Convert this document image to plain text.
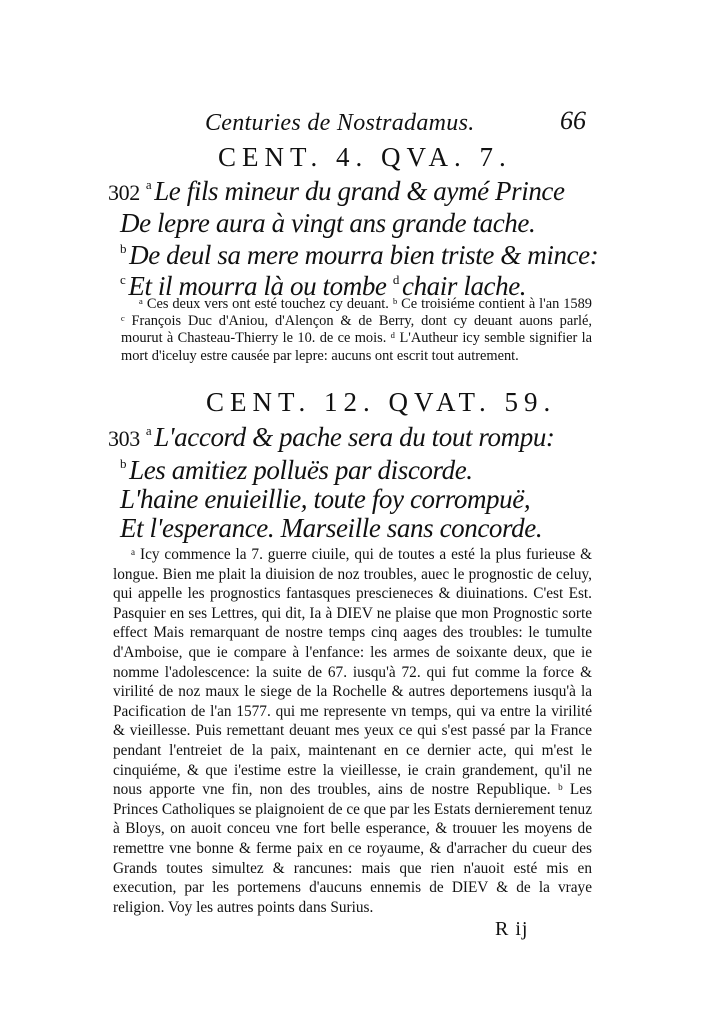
Centuries de Nostradamus.	66
CENT. 4. QVA. 7.
302 $^a$ Le fils mineur du grand & aymé Prince
De lepre aura à vingt ans grande tache.
$^b$ De deul sa mere mourra bien triste & mince:
$^c$ Et il mourra là ou tombe $^d$ chair lache.

ᵃ Ces deux vers ont esté touchez cy deuant. ᵇ Ce troisiéme contient à l'an 1589 ᶜ François Duc d'Aniou, d'Alençon & de Berry, dont cy deuant auons parlé, mourut à Chasteau-Thierry le 10. de ce mois. ᵈ L'Autheur icy semble signifier la mort d'iceluy estre causée par lepre: aucuns ont escrit tout autrement.

CENT. 12. QVAT. 59.
303 $^a$ L'accord & pache sera du tout rompu:
$^b$ Les amitiez polluës par discorde.
L'haine enuieillie, toute foy corrompuë,
Et l'esperance. Marseille sans concorde.

ᵃ Icy commence la 7. guerre ciuile, qui de toutes a esté la plus furieuse & longue. Bien me plait la diuision de noz troubles, auec le prognostic de celuy, qui appelle les prognostics fantasques prescieneces & diuinations. C'est Est. Pasquier en ses Lettres, qui dit, Ia à DIEV ne plaise que mon Prognostic sorte effect Mais remarquant de nostre temps cinq aages des troubles: le tumulte d'Amboise, que ie compare à l'enfance: les armes de soixante deux, que ie nomme l'adolescence: la suite de 67. iusqu'à 72. qui fut comme la force & virilité de noz maux le siege de la Rochelle & autres deportemens iusqu'à la Pacification de l'an 1577. qui me represente vn temps, qui va entre la virilité & vieillesse. Puis remettant deuant mes yeux ce qui s'est passé par la France pendant l'entreiet de la paix, maintenant en ce dernier acte, qui m'est le cinquiéme, & que i'estime estre la vieillesse, ie crain grandement, qu'il ne nous apporte vne fin, non des troubles, ains de nostre Republique. ᵇ Les Princes Catholiques se plaignoient de ce que par les Estats dernierement tenuz à Bloys, on auoit conceu vne fort belle esperance, & trouuer les moyens de remettre vne bonne & ferme paix en ce royaume, & d'arracher du cueur des Grands toutes simultez & rancunes: mais que rien n'auoit esté mis en execution, par les portemens d'aucuns ennemis de DIEV & de la vraye religion. Voy les autres points dans Surius.

R ij
